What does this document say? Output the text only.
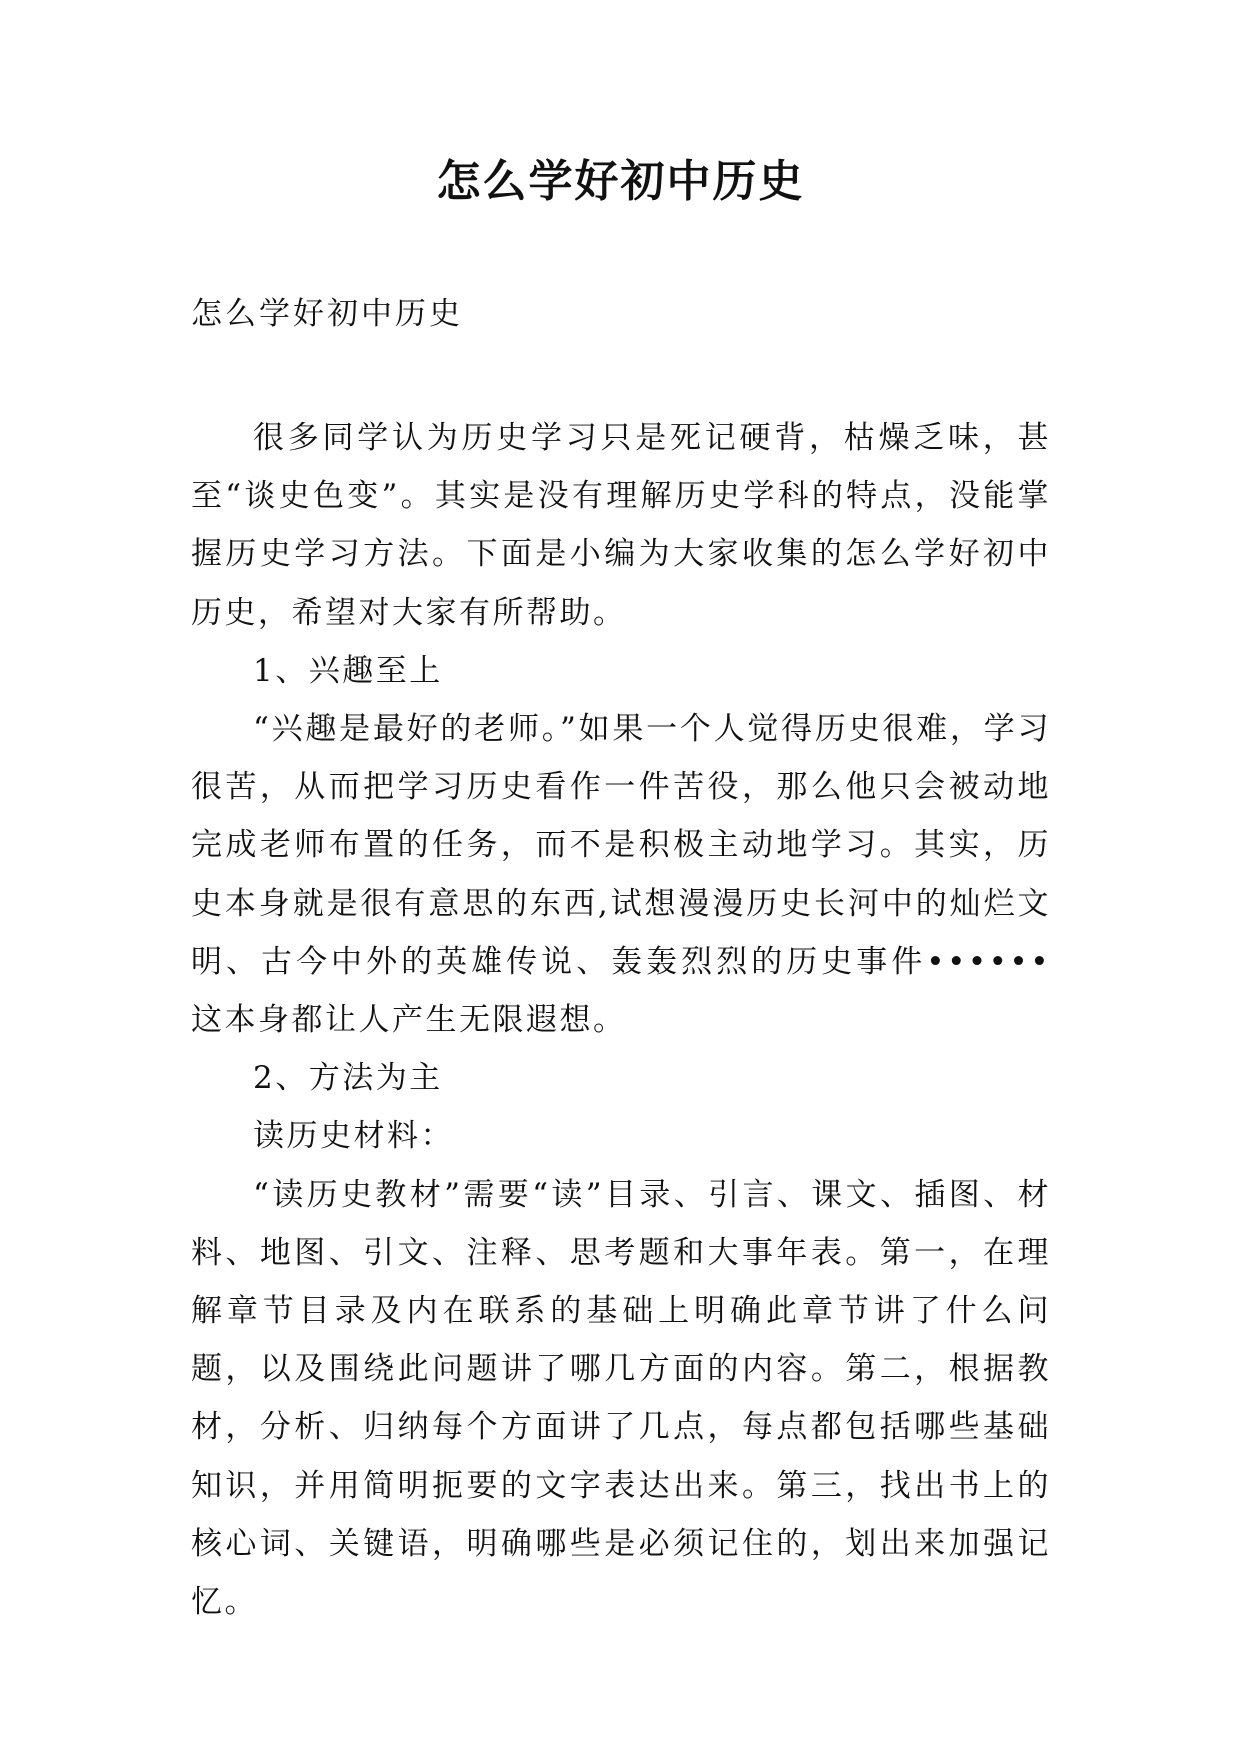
怎么学好初中历史
怎么学好初中历史

很多同学认为历史学习只是死记硬背，枯燥乏味，甚至“谈史色变”。其实是没有理解历史学科的特点，没能掌握历史学习方法。下面是小编为大家收集的怎么学好初中历史，希望对大家有所帮助。

1、兴趣至上

“兴趣是最好的老师。”如果一个人觉得历史很难，学习很苦，从而把学习历史看作一件苦役，那么他只会被动地完成老师布置的任务，而不是积极主动地学习。其实，历史本身就是很有意思的东西,试想漫漫历史长河中的灿烂文明、古今中外的英雄传说、轰轰烈烈的历史事件••••••这本身都让人产生无限遐想。

2、方法为主

读历史材料：

“读历史教材”需要“读”目录、引言、课文、插图、材料、地图、引文、注释、思考题和大事年表。第一，在理解章节目录及内在联系的基础上明确此章节讲了什么问题，以及围绕此问题讲了哪几方面的内容。第二，根据教材，分析、归纳每个方面讲了几点，每点都包括哪些基础知识，并用简明扼要的文字表达出来。第三，找出书上的核心词、关键语，明确哪些是必须记住的，划出来加强记忆。
